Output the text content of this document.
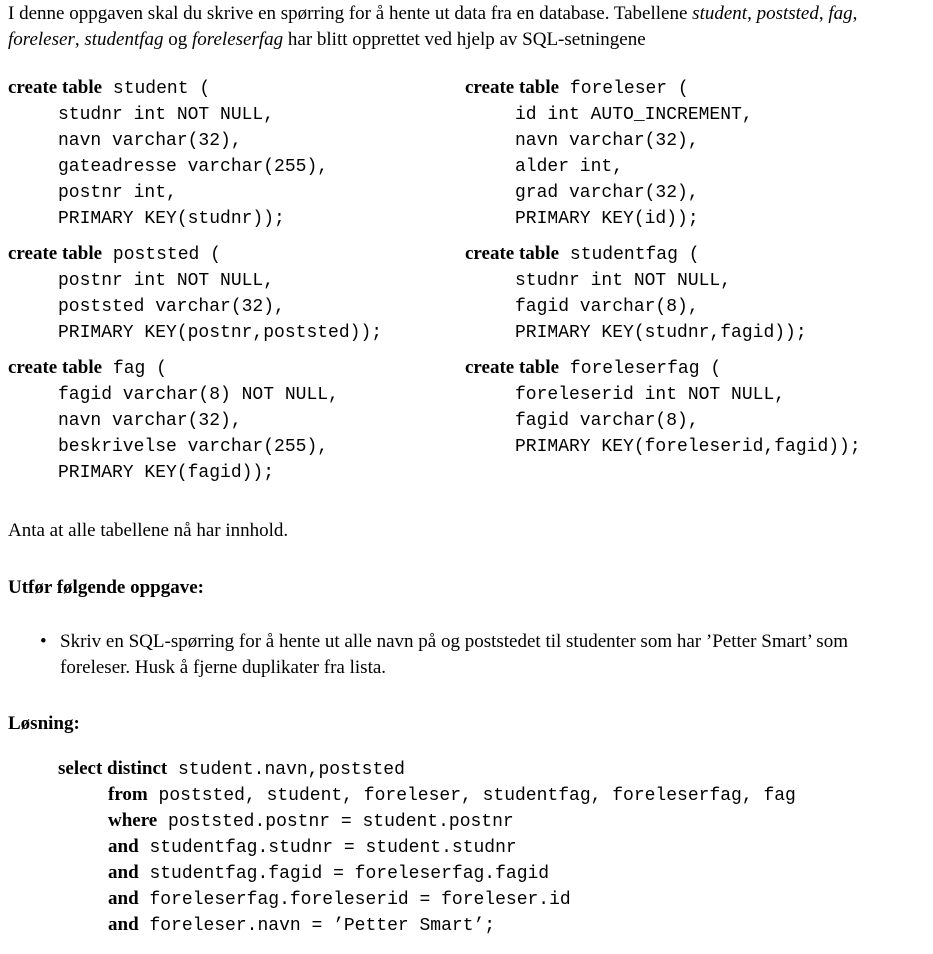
I denne oppgaven skal du skrive en spørring for å hente ut data fra en database. Tabellene student, poststed, fag, foreleser, studentfag og foreleserfag har blitt opprettet ved hjelp av SQL-setningene

create table student (
studnr int NOT NULL,
navn varchar(32),
gateadresse varchar(255),
postnr int,
PRIMARY KEY(studnr));
create table foreleser (
id int AUTO_INCREMENT,
navn varchar(32),
alder int,
grad varchar(32),
PRIMARY KEY(id));
create table poststed (
postnr int NOT NULL,
poststed varchar(32),
PRIMARY KEY(postnr,poststed));
create table studentfag (
studnr int NOT NULL,
fagid varchar(8),
PRIMARY KEY(studnr,fagid));
create table fag (
fagid varchar(8) NOT NULL,
navn varchar(32),
beskrivelse varchar(255),
PRIMARY KEY(fagid));
create table foreleserfag (
foreleserid int NOT NULL,
fagid varchar(8),
PRIMARY KEY(foreleserid,fagid));

Anta at alle tabellene nå har innhold.

Utfør følgende oppgave:

• Skriv en SQL-spørring for å hente ut alle navn på og poststedet til studenter som har ’Petter Smart’ som foreleser. Husk å fjerne duplikater fra lista.

Løsning:

select distinct student.navn,poststed
from poststed, student, foreleser, studentfag, foreleserfag, fag
where poststed.postnr = student.postnr
and studentfag.studnr = student.studnr
and studentfag.fagid = foreleserfag.fagid
and foreleserfag.foreleserid = foreleser.id
and foreleser.navn = ’Petter Smart’;
